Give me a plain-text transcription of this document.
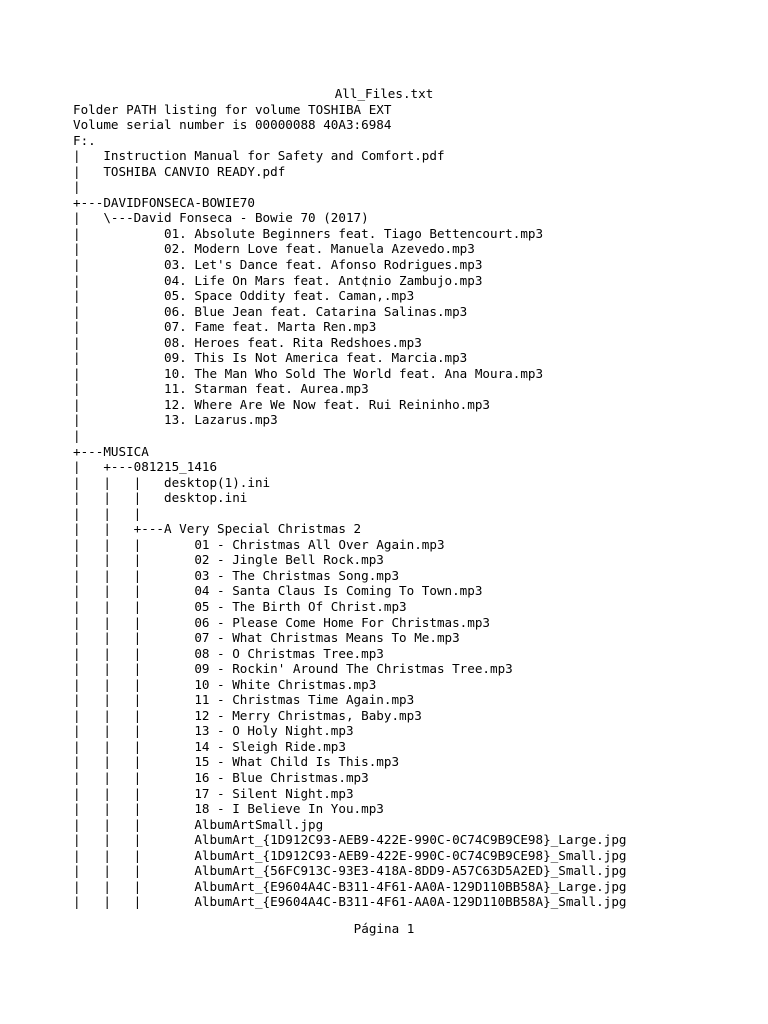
All_Files.txt
Folder PATH listing for volume TOSHIBA EXT
Volume serial number is 00000088 40A3:6984
F:.
|   Instruction Manual for Safety and Comfort.pdf
|   TOSHIBA CANVIO READY.pdf
|
+---DAVIDFONSECA-BOWIE70
|   \---David Fonseca - Bowie 70 (2017)
|           01. Absolute Beginners feat. Tiago Bettencourt.mp3
|           02. Modern Love feat. Manuela Azevedo.mp3
|           03. Let's Dance feat. Afonso Rodrigues.mp3
|           04. Life On Mars feat. Ant¢nio Zambujo.mp3
|           05. Space Oddity feat. Caman,.mp3
|           06. Blue Jean feat. Catarina Salinas.mp3
|           07. Fame feat. Marta Ren.mp3
|           08. Heroes feat. Rita Redshoes.mp3
|           09. This Is Not America feat. Marcia.mp3
|           10. The Man Who Sold The World feat. Ana Moura.mp3
|           11. Starman feat. Aurea.mp3
|           12. Where Are We Now feat. Rui Reininho.mp3
|           13. Lazarus.mp3
|
+---MUSICA
|   +---081215_1416
|   |   |   desktop(1).ini
|   |   |   desktop.ini
|   |   |
|   |   +---A Very Special Christmas 2
|   |   |       01 - Christmas All Over Again.mp3
|   |   |       02 - Jingle Bell Rock.mp3
|   |   |       03 - The Christmas Song.mp3
|   |   |       04 - Santa Claus Is Coming To Town.mp3
|   |   |       05 - The Birth Of Christ.mp3
|   |   |       06 - Please Come Home For Christmas.mp3
|   |   |       07 - What Christmas Means To Me.mp3
|   |   |       08 - O Christmas Tree.mp3
|   |   |       09 - Rockin' Around The Christmas Tree.mp3
|   |   |       10 - White Christmas.mp3
|   |   |       11 - Christmas Time Again.mp3
|   |   |       12 - Merry Christmas, Baby.mp3
|   |   |       13 - O Holy Night.mp3
|   |   |       14 - Sleigh Ride.mp3
|   |   |       15 - What Child Is This.mp3
|   |   |       16 - Blue Christmas.mp3
|   |   |       17 - Silent Night.mp3
|   |   |       18 - I Believe In You.mp3
|   |   |       AlbumArtSmall.jpg
|   |   |       AlbumArt_{1D912C93-AEB9-422E-990C-0C74C9B9CE98}_Large.jpg
|   |   |       AlbumArt_{1D912C93-AEB9-422E-990C-0C74C9B9CE98}_Small.jpg
|   |   |       AlbumArt_{56FC913C-93E3-418A-8DD9-A57C63D5A2ED}_Small.jpg
|   |   |       AlbumArt_{E9604A4C-B311-4F61-AA0A-129D110BB58A}_Large.jpg
|   |   |       AlbumArt_{E9604A4C-B311-4F61-AA0A-129D110BB58A}_Small.jpg
Página 1
